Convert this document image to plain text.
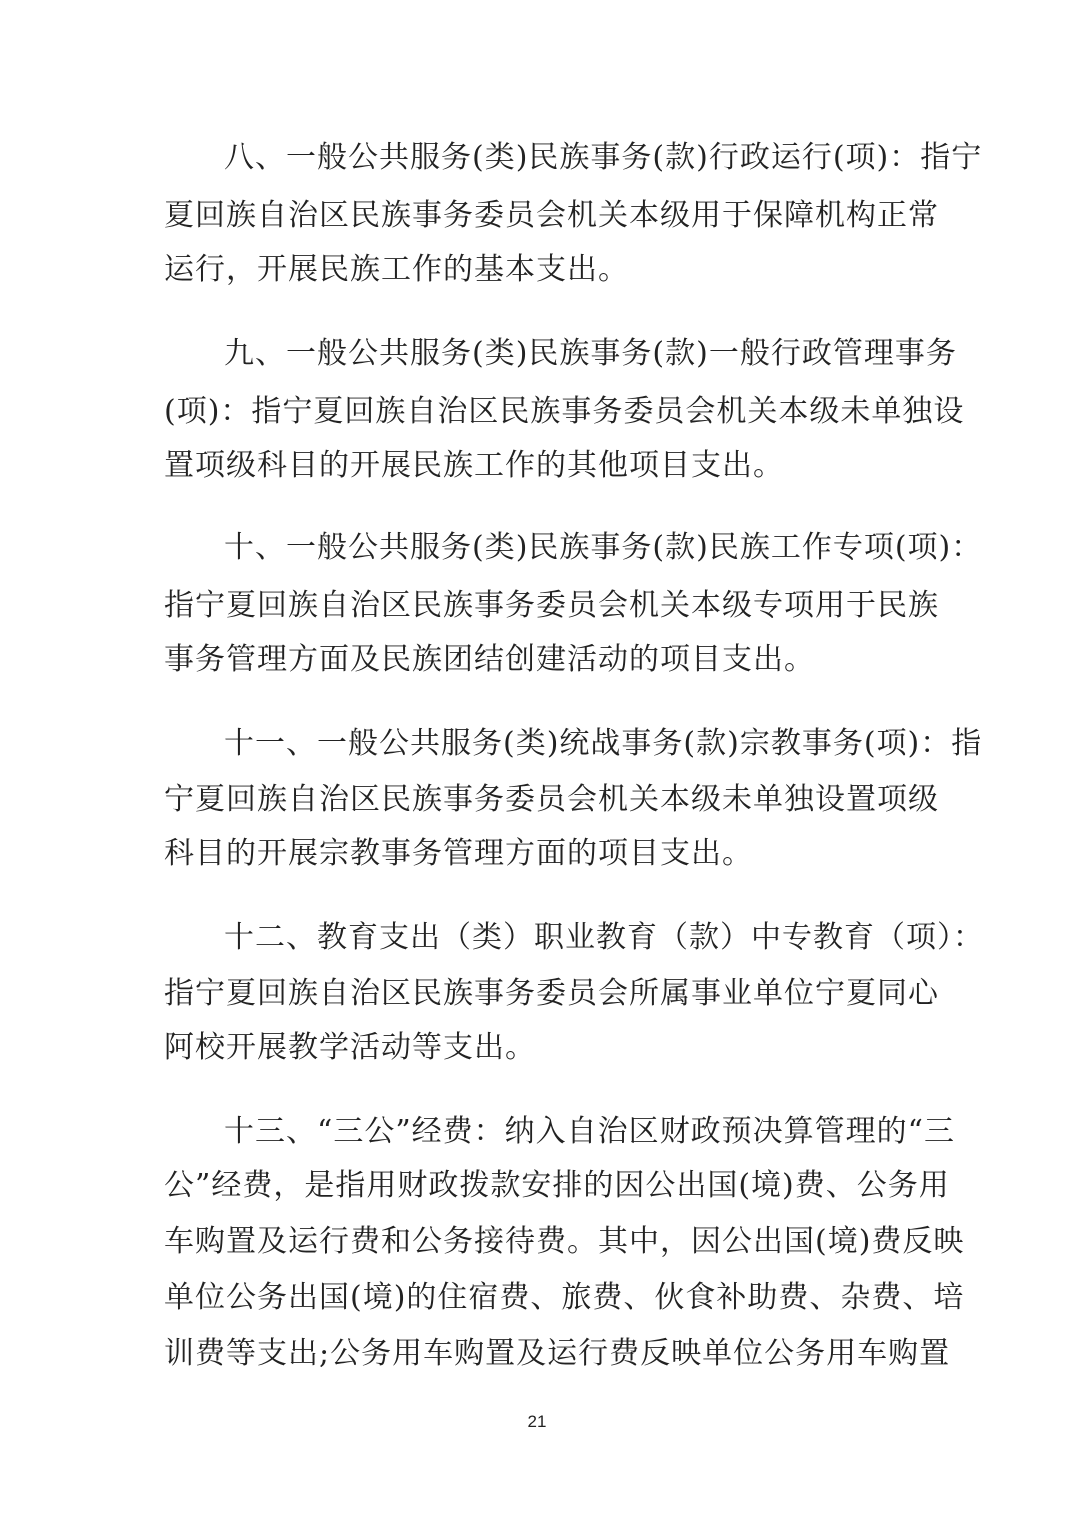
八、一般公共服务(类)民族事务(款)行政运行(项)：指宁
夏回族自治区民族事务委员会机关本级用于保障机构正常
运行，开展民族工作的基本支出。
九、一般公共服务(类)民族事务(款)一般行政管理事务
(项)：指宁夏回族自治区民族事务委员会机关本级未单独设
置项级科目的开展民族工作的其他项目支出。
十、一般公共服务(类)民族事务(款)民族工作专项(项)：
指宁夏回族自治区民族事务委员会机关本级专项用于民族
事务管理方面及民族团结创建活动的项目支出。
十一、一般公共服务(类)统战事务(款)宗教事务(项)：指
宁夏回族自治区民族事务委员会机关本级未单独设置项级
科目的开展宗教事务管理方面的项目支出。
十二、教育支出（类）职业教育（款）中专教育（项）：
指宁夏回族自治区民族事务委员会所属事业单位宁夏同心
阿校开展教学活动等支出。
十三、“三公”经费：纳入自治区财政预决算管理的“三
公”经费，是指用财政拨款安排的因公出国(境)费、公务用
车购置及运行费和公务接待费。其中，因公出国(境)费反映
单位公务出国(境)的住宿费、旅费、伙食补助费、杂费、培
训费等支出;公务用车购置及运行费反映单位公务用车购置
21
